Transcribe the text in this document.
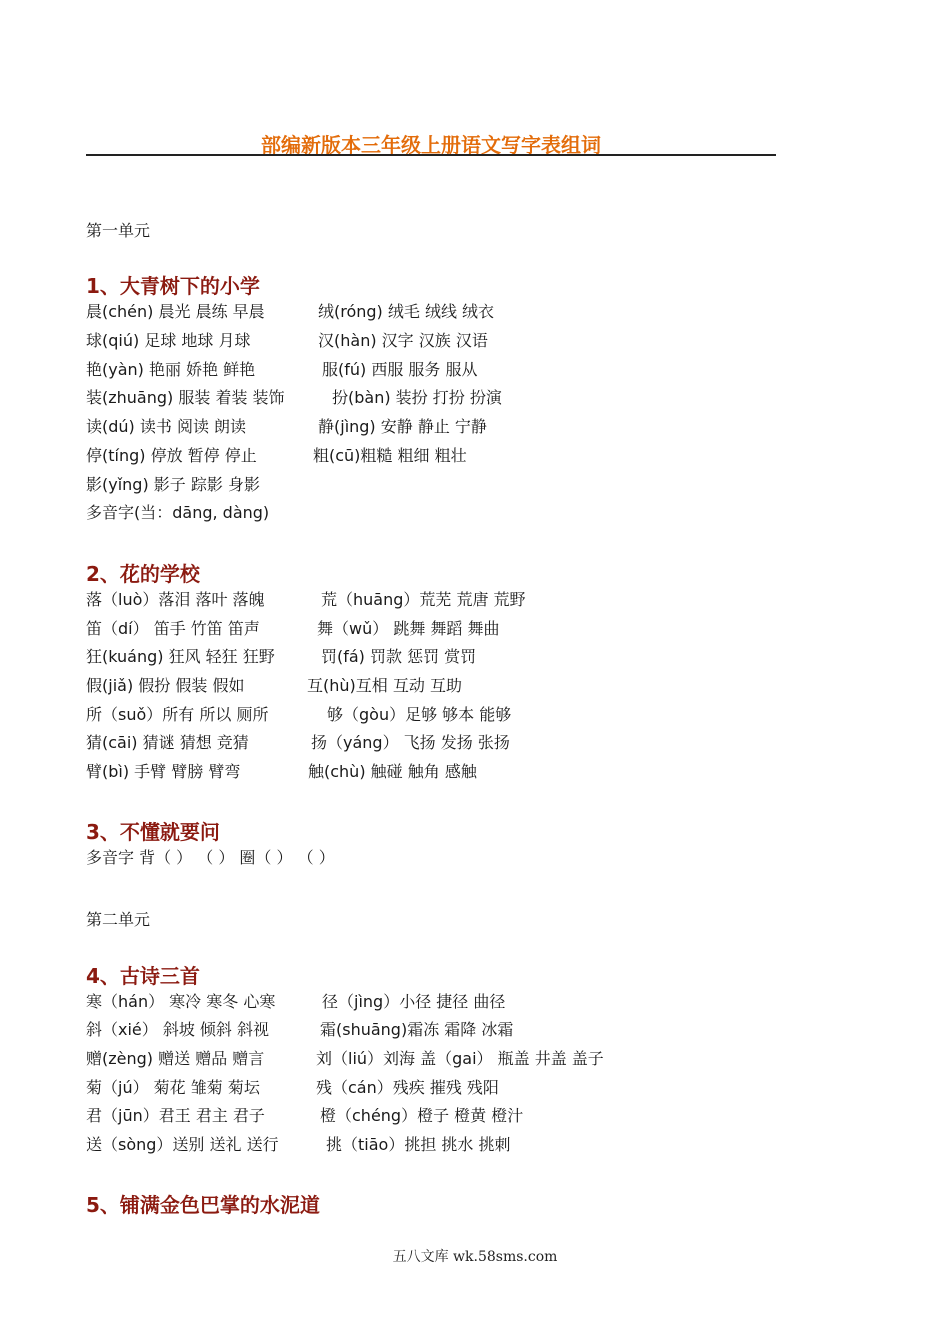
部编新版本三年级上册语文写字表组词
第一单元
1、大青树下的小学
晨(chén) 晨光 晨练 早晨	绒(róng) 绒毛 绒线 绒衣
球(qiú) 足球 地球 月球	汉(hàn) 汉字 汉族 汉语
艳(yàn) 艳丽 娇艳 鲜艳	服(fú) 西服 服务 服从
装(zhuāng) 服装 着装 装饰	扮(bàn) 装扮 打扮 扮演
读(dú) 读书 阅读 朗读	静(jìng) 安静 静止 宁静
停(tíng) 停放 暂停 停止	粗(cū)粗糙 粗细 粗壮
影(yǐng) 影子 踪影 身影
多音字(当：dāng, dàng)
2、花的学校
落（luò）落泪 落叶 落魄	荒（huāng）荒芜 荒唐 荒野
笛（dí） 笛手 竹笛 笛声	舞（wǔ） 跳舞 舞蹈 舞曲
狂(kuáng) 狂风 轻狂 狂野	罚(fá) 罚款 惩罚 赏罚
假(jiǎ) 假扮 假装 假如	互(hù)互相 互动 互助
所（suǒ）所有 所以 厕所	够（gòu）足够 够本 能够
猜(cāi) 猜谜 猜想 竞猜	扬（yáng） 飞扬 发扬 张扬
臂(bì) 手臂 臂膀 臂弯	触(chù) 触碰 触角 感触
3、不懂就要问
多音字 背（ ） （ ） 圈（ ） （ ）
第二单元
4、古诗三首
寒（hán） 寒冷 寒冬 心寒	径（jìng）小径 捷径 曲径
斜（xié） 斜坡 倾斜 斜视	霜(shuāng)霜冻 霜降 冰霜
赠(zèng) 赠送 赠品 赠言	刘（liú）刘海 盖（gai） 瓶盖 井盖 盖子
菊（jú） 菊花 雏菊 菊坛	残（cán）残疾 摧残 残阳
君（jūn）君王 君主 君子	橙（chéng）橙子 橙黄 橙汁
送（sòng）送别 送礼 送行	挑（tiāo）挑担 挑水 挑刺
5、铺满金色巴掌的水泥道
五八文库 wk.58sms.com
